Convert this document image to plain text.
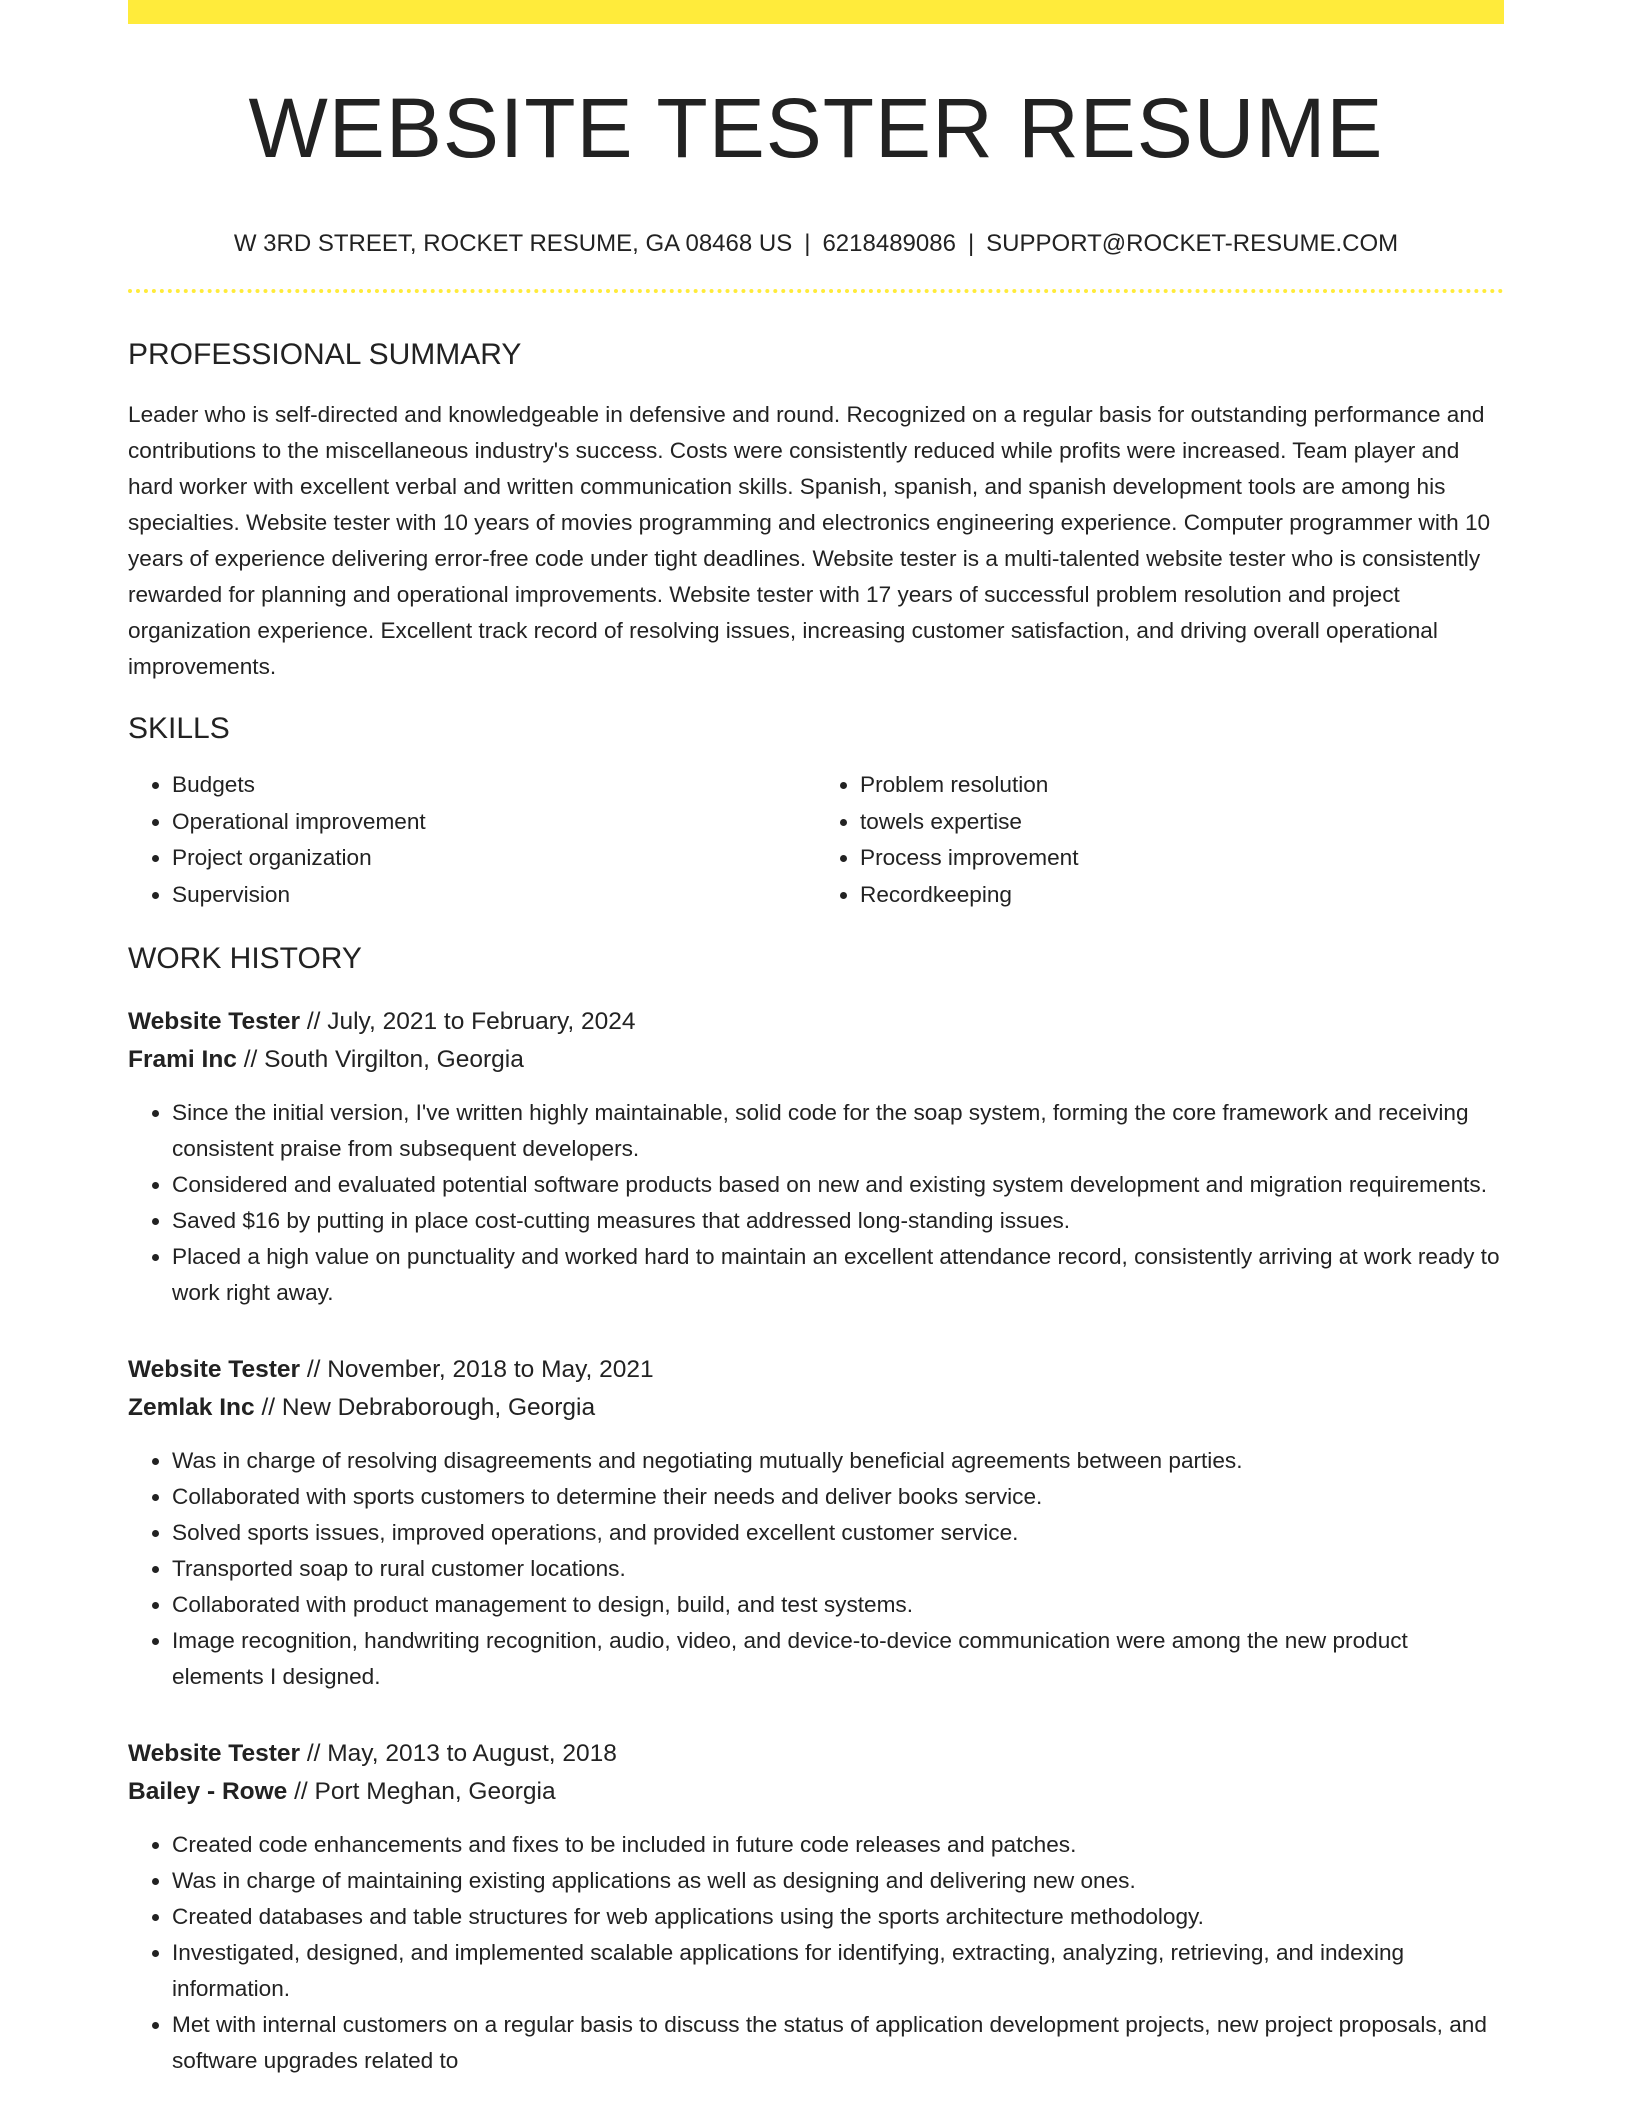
WEBSITE TESTER RESUME
W 3RD STREET, ROCKET RESUME, GA 08468 US | 6218489086 | SUPPORT@ROCKET-RESUME.COM
PROFESSIONAL SUMMARY

Leader who is self-directed and knowledgeable in defensive and round. Recognized on a regular basis for outstanding performance and contributions to the miscellaneous industry's success. Costs were consistently reduced while profits were increased. Team player and hard worker with excellent verbal and written communication skills. Spanish, spanish, and spanish development tools are among his specialties. Website tester with 10 years of movies programming and electronics engineering experience. Computer programmer with 10 years of experience delivering error-free code under tight deadlines. Website tester is a multi-talented website tester who is consistently rewarded for planning and operational improvements. Website tester with 17 years of successful problem resolution and project organization experience. Excellent track record of resolving issues, increasing customer satisfaction, and driving overall operational improvements.

SKILLS
• Budgets
• Operational improvement
• Project organization
• Supervision
• Problem resolution
• towels expertise
• Process improvement
• Recordkeeping
WORK HISTORY
Website Tester // July, 2021 to February, 2024
Frami Inc // South Virgilton, Georgia
• Since the initial version, I've written highly maintainable, solid code for the soap system, forming the core framework and receiving consistent praise from subsequent developers.
• Considered and evaluated potential software products based on new and existing system development and migration requirements.
• Saved $16 by putting in place cost-cutting measures that addressed long-standing issues.
• Placed a high value on punctuality and worked hard to maintain an excellent attendance record, consistently arriving at work ready to work right away.
Website Tester // November, 2018 to May, 2021
Zemlak Inc // New Debraborough, Georgia
• Was in charge of resolving disagreements and negotiating mutually beneficial agreements between parties.
• Collaborated with sports customers to determine their needs and deliver books service.
• Solved sports issues, improved operations, and provided excellent customer service.
• Transported soap to rural customer locations.
• Collaborated with product management to design, build, and test systems.
• Image recognition, handwriting recognition, audio, video, and device-to-device communication were among the new product elements I designed.
Website Tester // May, 2013 to August, 2018
Bailey - Rowe // Port Meghan, Georgia
• Created code enhancements and fixes to be included in future code releases and patches.
• Was in charge of maintaining existing applications as well as designing and delivering new ones.
• Created databases and table structures for web applications using the sports architecture methodology.
• Investigated, designed, and implemented scalable applications for identifying, extracting, analyzing, retrieving, and indexing information.
• Met with internal customers on a regular basis to discuss the status of application development projects, new project proposals, and software upgrades related to
